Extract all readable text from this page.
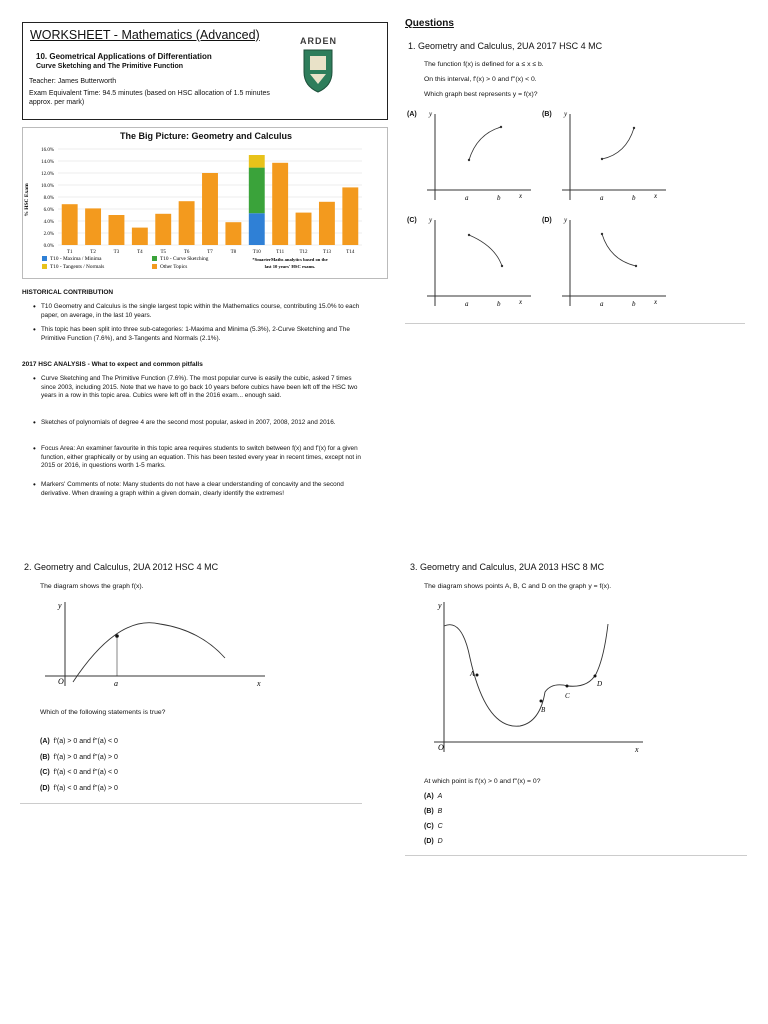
WORKSHEET - Mathematics (Advanced)
10. Geometrical Applications of Differentiation
Curve Sketching and The Primitive Function
Teacher: James Butterworth
Exam Equivalent Time: 94.5 minutes (based on HSC allocation of 1.5 minutes approx. per mark)
ARDEN
The Big Picture: Geometry and Calculus
0.0%
2.0%
4.0%
6.0%
8.0%
10.0%
12.0%
14.0%
16.0%
% HSC Exam
T1	T2	T3	T4	T5	T6	T7	T8	T10	T11	T12	T13	T14
T10 - Maxima / Minima	T10 - Curve Sketching
T10 - Tangents / Normals	Other Topics
*SmarterMaths analytics based on the
last 10 years' HSC exams.
HISTORICAL CONTRIBUTION
• T10 Geometry and Calculus is the single largest topic within the Mathematics course, contributing 15.0% to each paper, on average, in the last 10 years.
• This topic has been split into three sub-categories: 1-Maxima and Minima (5.3%), 2-Curve Sketching and The Primitive Function (7.6%), and 3-Tangents and Normals (2.1%).
2017 HSC ANALYSIS - What to expect and common pitfalls
• Curve Sketching and The Primitive Function (7.6%). The most popular curve is easily the cubic, asked 7 times since 2003, including 2015. Note that we have to go back 10 years before cubics have been left off the HSC two years in a row in this topic area. Cubics were left off in the 2016 exam... enough said.
• Sketches of polynomials of degree 4 are the second most popular, asked in 2007, 2008, 2012 and 2016.
• Focus Area: An examiner favourite in this topic area requires students to switch between f(x) and f'(x) for a given function, either graphically or by using an equation. This has been tested every year in recent times, except not in 2015 or 2016, in questions worth 1-5 marks.
• Markers' Comments of note: Many students do not have a clear understanding of concavity and the second derivative. When drawing a graph within a given domain, clearly identify the extremes!
Questions
1. Geometry and Calculus, 2UA 2017 HSC 4 MC
The function f(x) is defined for a ≤ x ≤ b.
On this interval, f'(x) > 0 and f''(x) < 0.
Which graph best represents y = f(x)?
(A)	(B)
(C)	(D)
y
a	b	x
y
a	b	x
y
a	b	x
y
a	b	x
2. Geometry and Calculus, 2UA 2012 HSC 4 MC
The diagram shows the graph f(x).
y
O	a	x
Which of the following statements is true?
(A) f'(a) > 0 and f''(a) < 0
(B) f'(a) > 0 and f''(a) > 0
(C) f'(a) < 0 and f''(a) < 0
(D) f'(a) < 0 and f''(a) > 0
3. Geometry and Calculus, 2UA 2013 HSC 8 MC
The diagram shows points A, B, C and D on the graph y = f(x).
y
O	x
A
B
C
D
At which point is f'(x) > 0 and f''(x) = 0?
(A) A
(B) B
(C) C
(D) D
